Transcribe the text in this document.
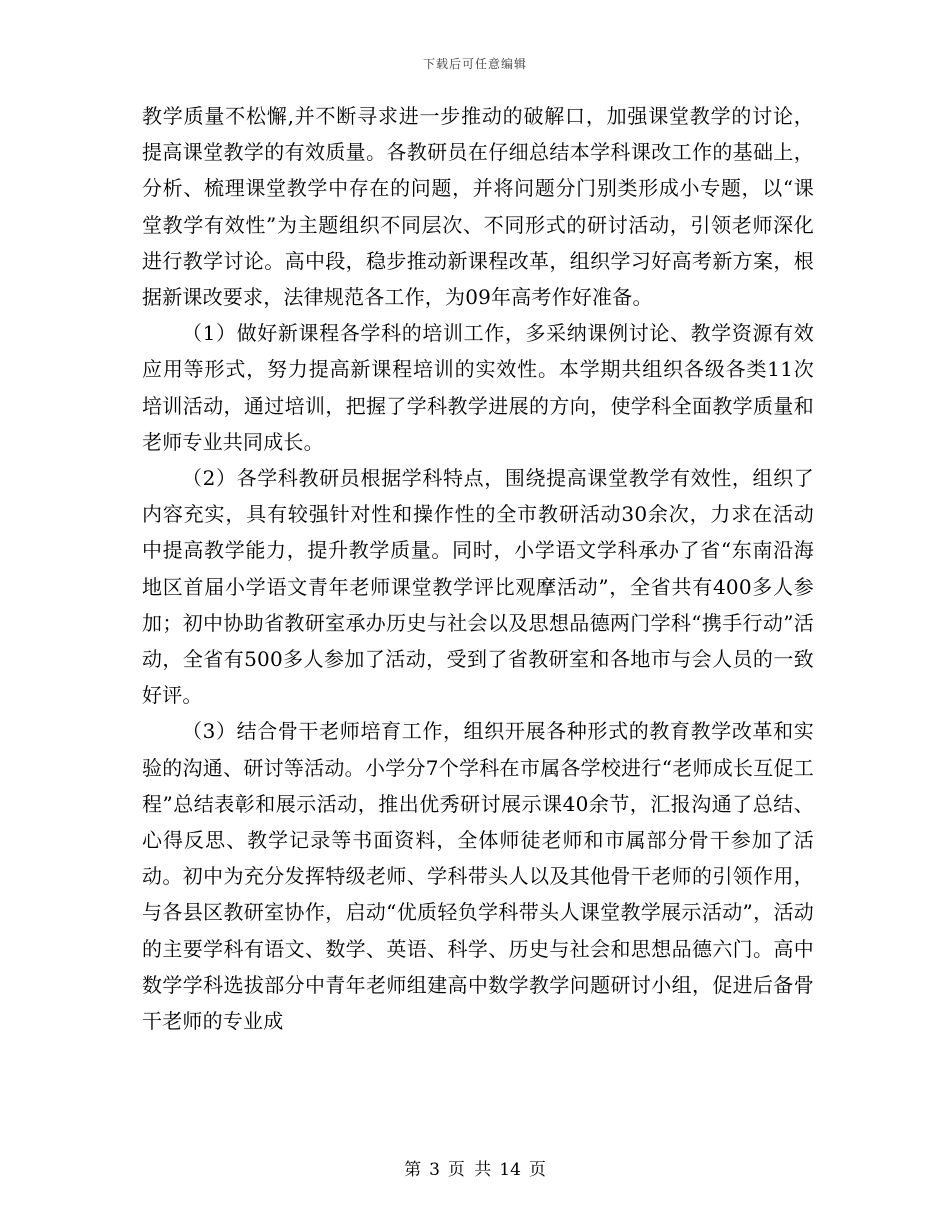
下载后可任意编辑

教学质量不松懈,并不断寻求进一步推动的破解口，加强课堂教学的讨论，提高课堂教学的有效质量。各教研员在仔细总结本学科课改工作的基础上，分析、梳理课堂教学中存在的问题，并将问题分门别类形成小专题，以“课堂教学有效性”为主题组织不同层次、不同形式的研讨活动，引领老师深化进行教学讨论。高中段，稳步推动新课程改革，组织学习好高考新方案，根据新课改要求，法律规范各工作，为09年高考作好准备。

（1）做好新课程各学科的培训工作，多采纳课例讨论、教学资源有效应用等形式，努力提高新课程培训的实效性。本学期共组织各级各类11次培训活动，通过培训，把握了学科教学进展的方向，使学科全面教学质量和老师专业共同成长。

（2）各学科教研员根据学科特点，围绕提高课堂教学有效性，组织了内容充实，具有较强针对性和操作性的全市教研活动30余次，力求在活动中提高教学能力，提升教学质量。同时，小学语文学科承办了省“东南沿海地区首届小学语文青年老师课堂教学评比观摩活动”，全省共有400多人参加；初中协助省教研室承办历史与社会以及思想品德两门学科“携手行动”活动，全省有500多人参加了活动，受到了省教研室和各地市与会人员的一致好评。

（3）结合骨干老师培育工作，组织开展各种形式的教育教学改革和实验的沟通、研讨等活动。小学分7个学科在市属各学校进行“老师成长互促工程”总结表彰和展示活动，推出优秀研讨展示课40余节，汇报沟通了总结、心得反思、教学记录等书面资料，全体师徒老师和市属部分骨干参加了活动。初中为充分发挥特级老师、学科带头人以及其他骨干老师的引领作用，与各县区教研室协作，启动“优质轻负学科带头人课堂教学展示活动”，活动的主要学科有语文、数学、英语、科学、历史与社会和思想品德六门。高中数学学科选拔部分中青年老师组建高中数学教学问题研讨小组，促进后备骨干老师的专业成

第 3 页 共 14 页
